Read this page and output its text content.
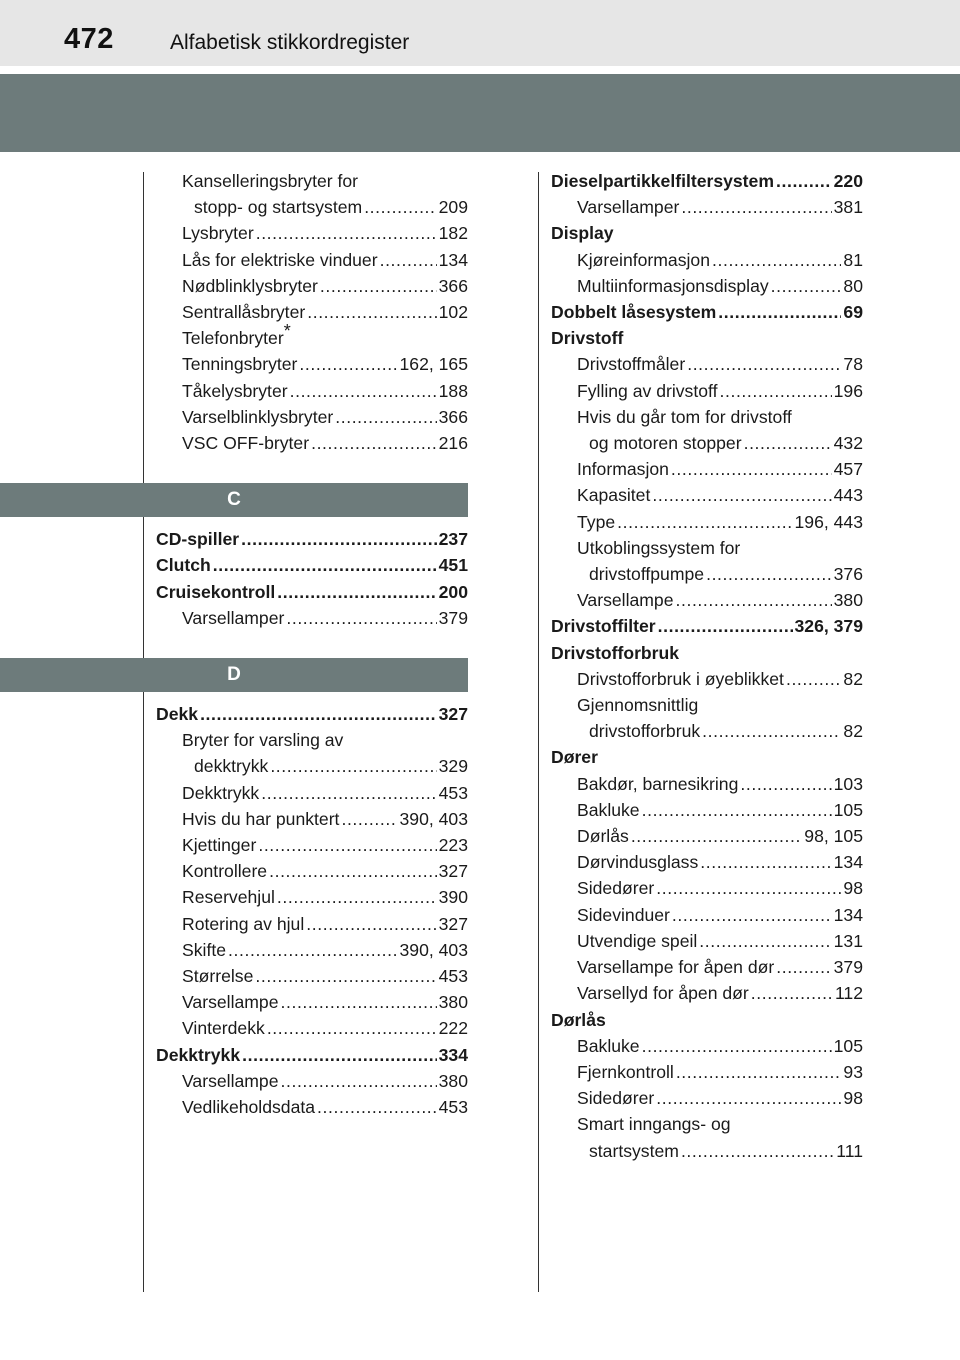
472	Alfabetisk stikkordregister
Kanselleringsbryter for
stopp- og startsystem .....	209
Lysbryter .....	182
Lås for elektriske vinduer .....	134
Nødblinklysbryter .....	366
Sentrallåsbryter .....	102
Telefonbryter*
Tenningsbryter .....	162, 165
Tåkelysbryter .....	188
Varselblinklysbryter .....	366
VSC OFF-bryter .....	216
C
CD-spiller .....	237
Clutch .....	451
Cruisekontroll .....	200
Varsellamper .....	379
D
Dekk .....	327
Bryter for varsling av
dekktrykk .....	329
Dekktrykk .....	453
Hvis du har punktert .....	390, 403
Kjettinger .....	223
Kontrollere .....	327
Reservehjul .....	390
Rotering av hjul .....	327
Skifte .....	390, 403
Størrelse .....	453
Varsellampe .....	380
Vinterdekk .....	222
Dekktrykk .....	334
Varsellampe .....	380
Vedlikeholdsdata .....	453
Dieselpartikkelfiltersystem .....	220
Varsellamper .....	381
Display
Kjøreinformasjon .....	81
Multiinformasjonsdisplay .....	80
Dobbelt låsesystem .....	69
Drivstoff
Drivstoffmåler .....	78
Fylling av drivstoff .....	196
Hvis du går tom for drivstoff
og motoren stopper .....	432
Informasjon .....	457
Kapasitet .....	443
Type .....	196, 443
Utkoblingssystem for
drivstoffpumpe .....	376
Varsellampe .....	380
Drivstoffilter .....	326, 379
Drivstofforbruk
Drivstofforbruk i øyeblikket .....	82
Gjennomsnittlig
drivstofforbruk .....	82
Dører
Bakdør, barnesikring .....	103
Bakluke .....	105
Dørlås .....	98, 105
Dørvindusglass .....	134
Sidedører .....	98
Sidevinduer .....	134
Utvendige speil .....	131
Varsellampe for åpen dør .....	379
Varsellyd for åpen dør .....	112
Dørlås
Bakluke .....	105
Fjernkontroll .....	93
Sidedører .....	98
Smart inngangs- og
startsystem .....	111
